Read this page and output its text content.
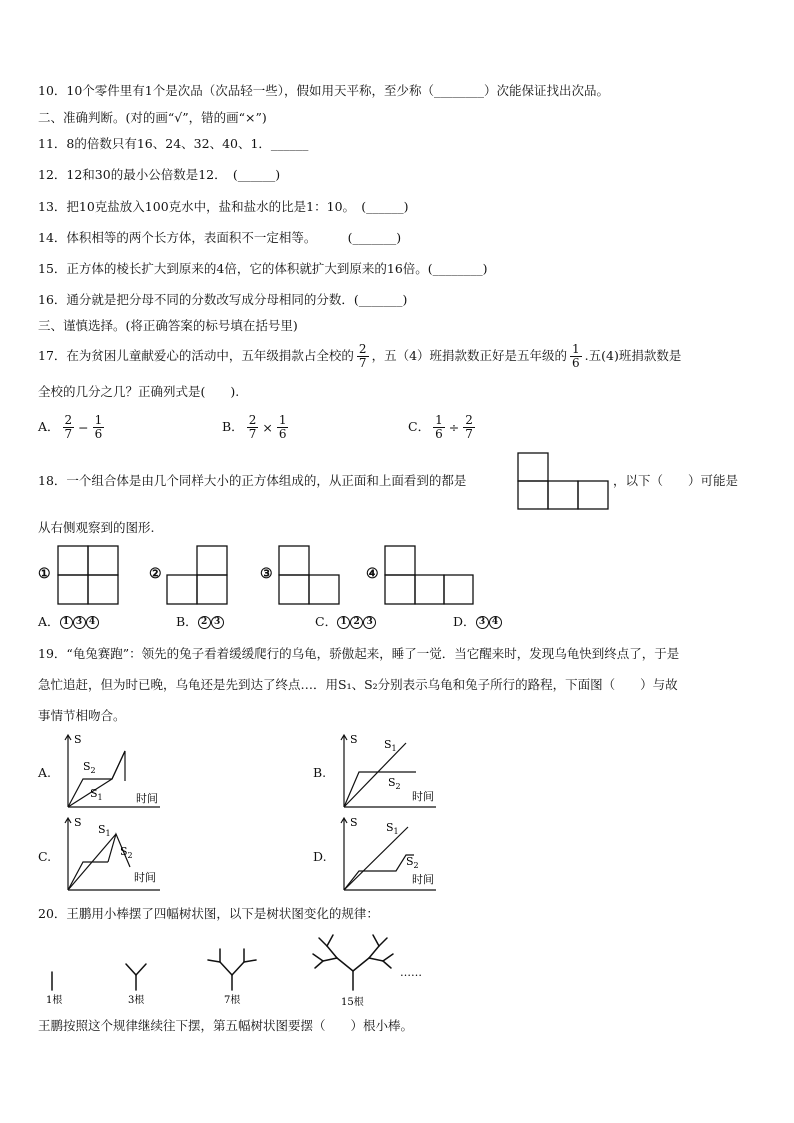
10．10个零件里有1个是次品（次品轻一些），假如用天平称，至少称（________）次能保证找出次品。
二、准确判断。(对的画“√”，错的画“×”)
11．8的倍数只有16、24、32、40、1．______
12．12和30的最小公倍数是12．　(______)
13．把10克盐放入100克水中，盐和盐水的比是1：10。　(______)
14．体积相等的两个长方体，表面积不一定相等。　　　(_______)
15．正方体的棱长扩大到原来的4倍，它的体积就扩大到原来的16倍。(________)
16．通分就是把分母不同的分数改写成分母相同的分数．(_______)
三、谨慎选择。(将正确答案的标号填在括号里)
17．在为贫困儿童献爱心的活动中，五年级捐款占全校的 $\frac{2}{7}$ ，五（4）班捐款数正好是五年级的 $\frac{1}{6}$ .五(4)班捐款数是
全校的几分之几？正确列式是(　　).
A． $\frac{2}{7} - \frac{1}{6}$	B． $\frac{2}{7} \times \frac{1}{6}$	C． $\frac{1}{6} \div \frac{2}{7}$
18．一个组合体是由几个同样大小的正方体组成的，从正面和上面看到的都是	，以下（　　）可能是
从右侧观察到的图形.
①	②	③	④
A． 1 3 4	B． 2 3	C． 1 2 3	D． 3 4
19．“龟兔赛跑”：领先的兔子看着缓缓爬行的乌龟，骄傲起来，睡了一觉．当它醒来时，发现乌龟快到终点了，于是
急忙追赶，但为时已晚，乌龟还是先到达了终点…．用S₁、S₂分别表示乌龟和兔子所行的路程，下面图（　　）与故
事情节相吻合。
A.
S
$S_2$
$S_1$	时间
B.
S $S_1$
$S_2$
时间
C.
S
$S_1$
$S_2$
时间
D.
S	$S_1$
$S_2$
时间
20．王鹏用小棒摆了四幅树状图，以下是树状图变化的规律：
……
1根	3根	7根	15根
王鹏按照这个规律继续往下摆，第五幅树状图要摆（　　）根小棒。
